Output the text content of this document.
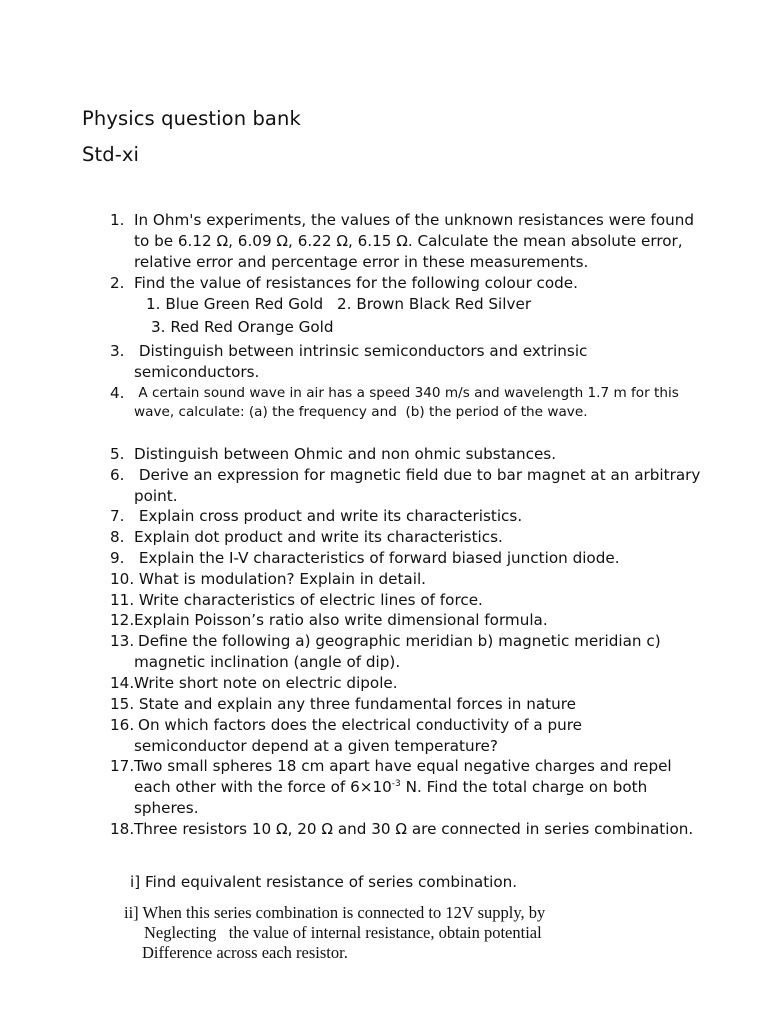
Physics question bank
Std-xi
1. In Ohm's experiments, the values of the unknown resistances were found
to be 6.12 Ω, 6.09 Ω, 6.22 Ω, 6.15 Ω. Calculate the mean absolute error,
relative error and percentage error in these measurements.
2. Find the value of resistances for the following colour code.
1. Blue Green Red Gold 2. Brown Black Red Silver
3. Red Red Orange Gold
3. Distinguish between intrinsic semiconductors and extrinsic
semiconductors.
4. A certain sound wave in air has a speed 340 m/s and wavelength 1.7 m for this
wave, calculate: (a) the frequency and  (b) the period of the wave.
5. Distinguish between Ohmic and non ohmic substances.
6. Derive an expression for magnetic field due to bar magnet at an arbitrary
point.
7. Explain cross product and write its characteristics.
8. Explain dot product and write its characteristics.
9. Explain the I-V characteristics of forward biased junction diode.
10. What is modulation? Explain in detail.
11. Write characteristics of electric lines of force.
12. Explain Poisson’s ratio also write dimensional formula.
13. Define the following a) geographic meridian b) magnetic meridian c)
magnetic inclination (angle of dip).
14. Write short note on electric dipole.
15. State and explain any three fundamental forces in nature
16. On which factors does the electrical conductivity of a pure
semiconductor depend at a given temperature?
17. Two small spheres 18 cm apart have equal negative charges and repel
each other with the force of $6\times 10^{-3}$ N. Find the total charge on both
spheres.
18. Three resistors 10 Ω, 20 Ω and 30 Ω are connected in series combination.
i] Find equivalent resistance of series combination.
ii] When this series combination is connected to 12V supply, by
Neglecting   the value of internal resistance, obtain potential
Difference across each resistor.
